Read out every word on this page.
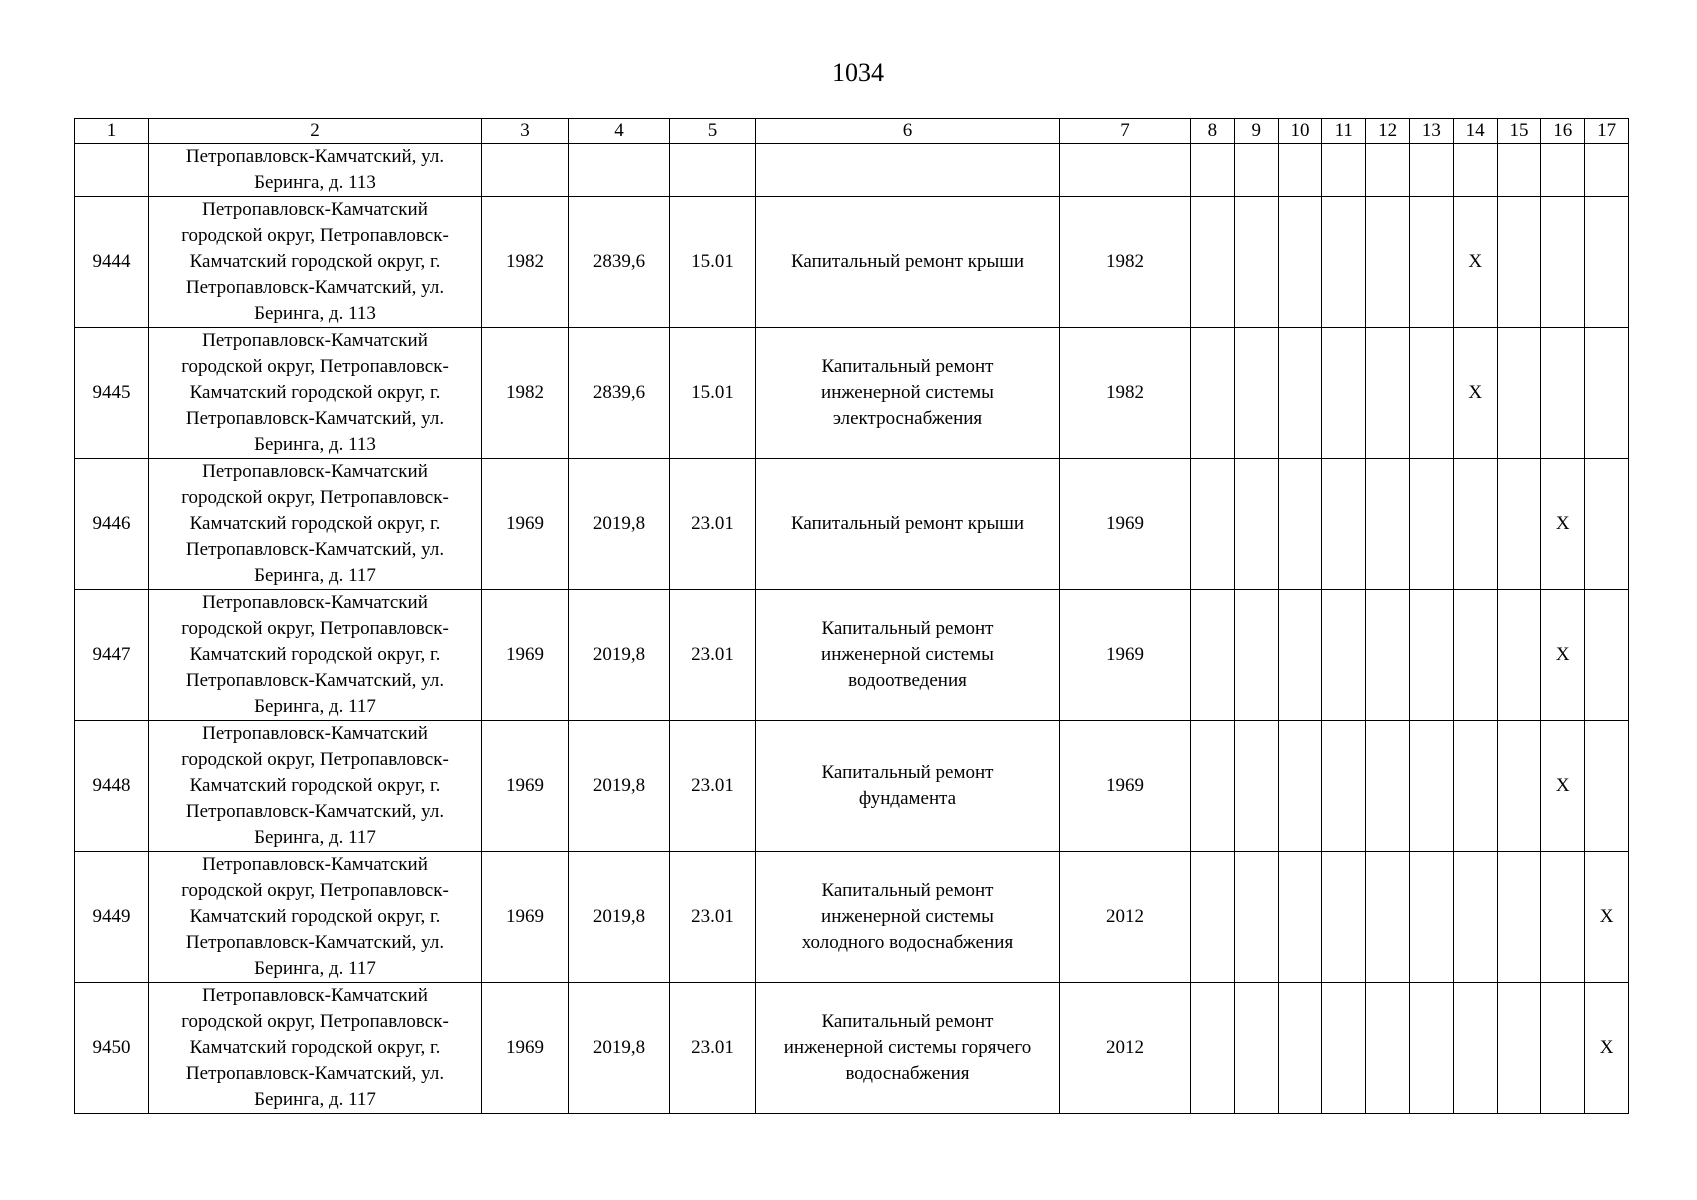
1034
1	2	3	4	5	6	7	8	9	10	11	12	13	14	15	16	17
	Петропавловск-Камчатский, ул.
Беринга, д. 113															
9444	Петропавловск-Камчатский
городской округ, Петропавловск-
Камчатский городской округ, г.
Петропавловск-Камчатский, ул.
Беринга, д. 113	1982	2839,6	15.01	Капитальный ремонт крыши	1982							X			
9445	Петропавловск-Камчатский
городской округ, Петропавловск-
Камчатский городской округ, г.
Петропавловск-Камчатский, ул.
Беринга, д. 113	1982	2839,6	15.01	Капитальный ремонт
инженерной системы
электроснабжения	1982							X			
9446	Петропавловск-Камчатский
городской округ, Петропавловск-
Камчатский городской округ, г.
Петропавловск-Камчатский, ул.
Беринга, д. 117	1969	2019,8	23.01	Капитальный ремонт крыши	1969									X	
9447	Петропавловск-Камчатский
городской округ, Петропавловск-
Камчатский городской округ, г.
Петропавловск-Камчатский, ул.
Беринга, д. 117	1969	2019,8	23.01	Капитальный ремонт
инженерной системы
водоотведения	1969									X	
9448	Петропавловск-Камчатский
городской округ, Петропавловск-
Камчатский городской округ, г.
Петропавловск-Камчатский, ул.
Беринга, д. 117	1969	2019,8	23.01	Капитальный ремонт
фундамента	1969									X	
9449	Петропавловск-Камчатский
городской округ, Петропавловск-
Камчатский городской округ, г.
Петропавловск-Камчатский, ул.
Беринга, д. 117	1969	2019,8	23.01	Капитальный ремонт
инженерной системы
холодного водоснабжения	2012										X
9450	Петропавловск-Камчатский
городской округ, Петропавловск-
Камчатский городской округ, г.
Петропавловск-Камчатский, ул.
Беринга, д. 117	1969	2019,8	23.01	Капитальный ремонт
инженерной системы горячего
водоснабжения	2012										X
